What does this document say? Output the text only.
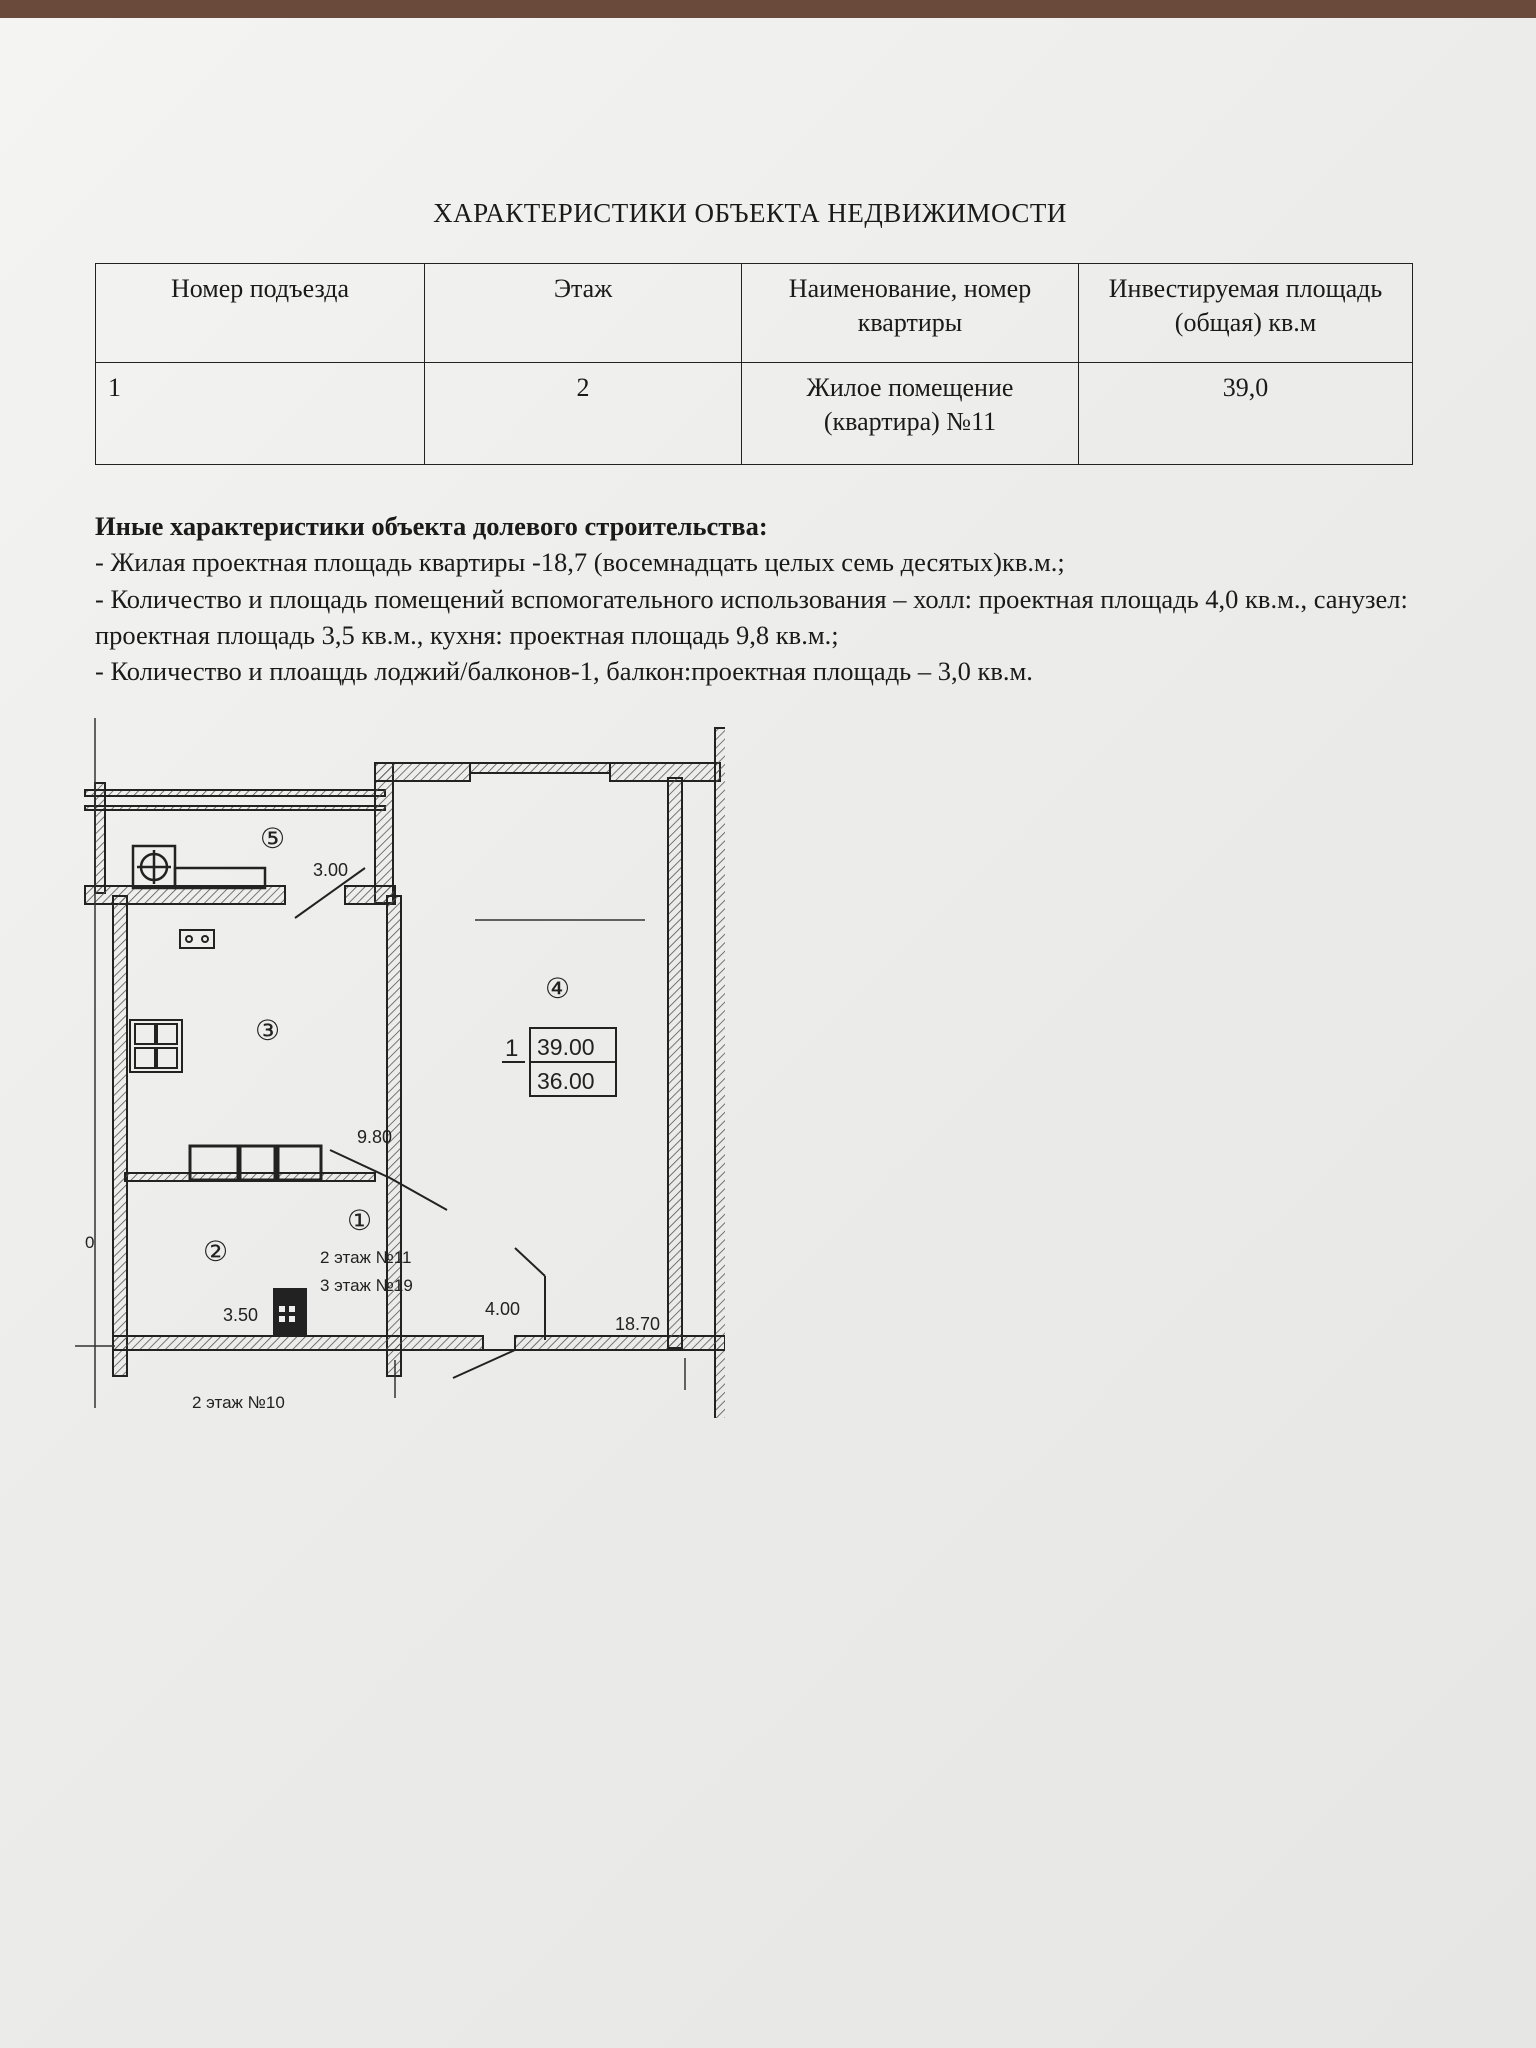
ХАРАКТЕРИСТИКИ ОБЪЕКТА НЕДВИЖИМОСТИ
Номер подъезда	Этаж	Наименование, номер квартиры	Инвестируемая площадь (общая) кв.м
1	2	Жилое помещение (квартира) №11	39,0
Иные характеристики объекта долевого строительства:
- Жилая проектная площадь квартиры -18,7 (восемнадцать целых семь десятых)кв.м.;
- Количество и площадь помещений вспомогательного использования – холл: проектная площадь 4,0 кв.м., санузел: проектная площадь 3,5 кв.м., кухня: проектная площадь 9,8 кв.м.;
- Количество и плоащдь лоджий/балконов-1, балкон:проектная площадь – 3,0 кв.м.
⑤
3.00
④
18.70
③
9.80
②
3.50
①
4.00
1 39.00
36.00
2 этаж №11
3 этаж №19
2 этаж №10
0
